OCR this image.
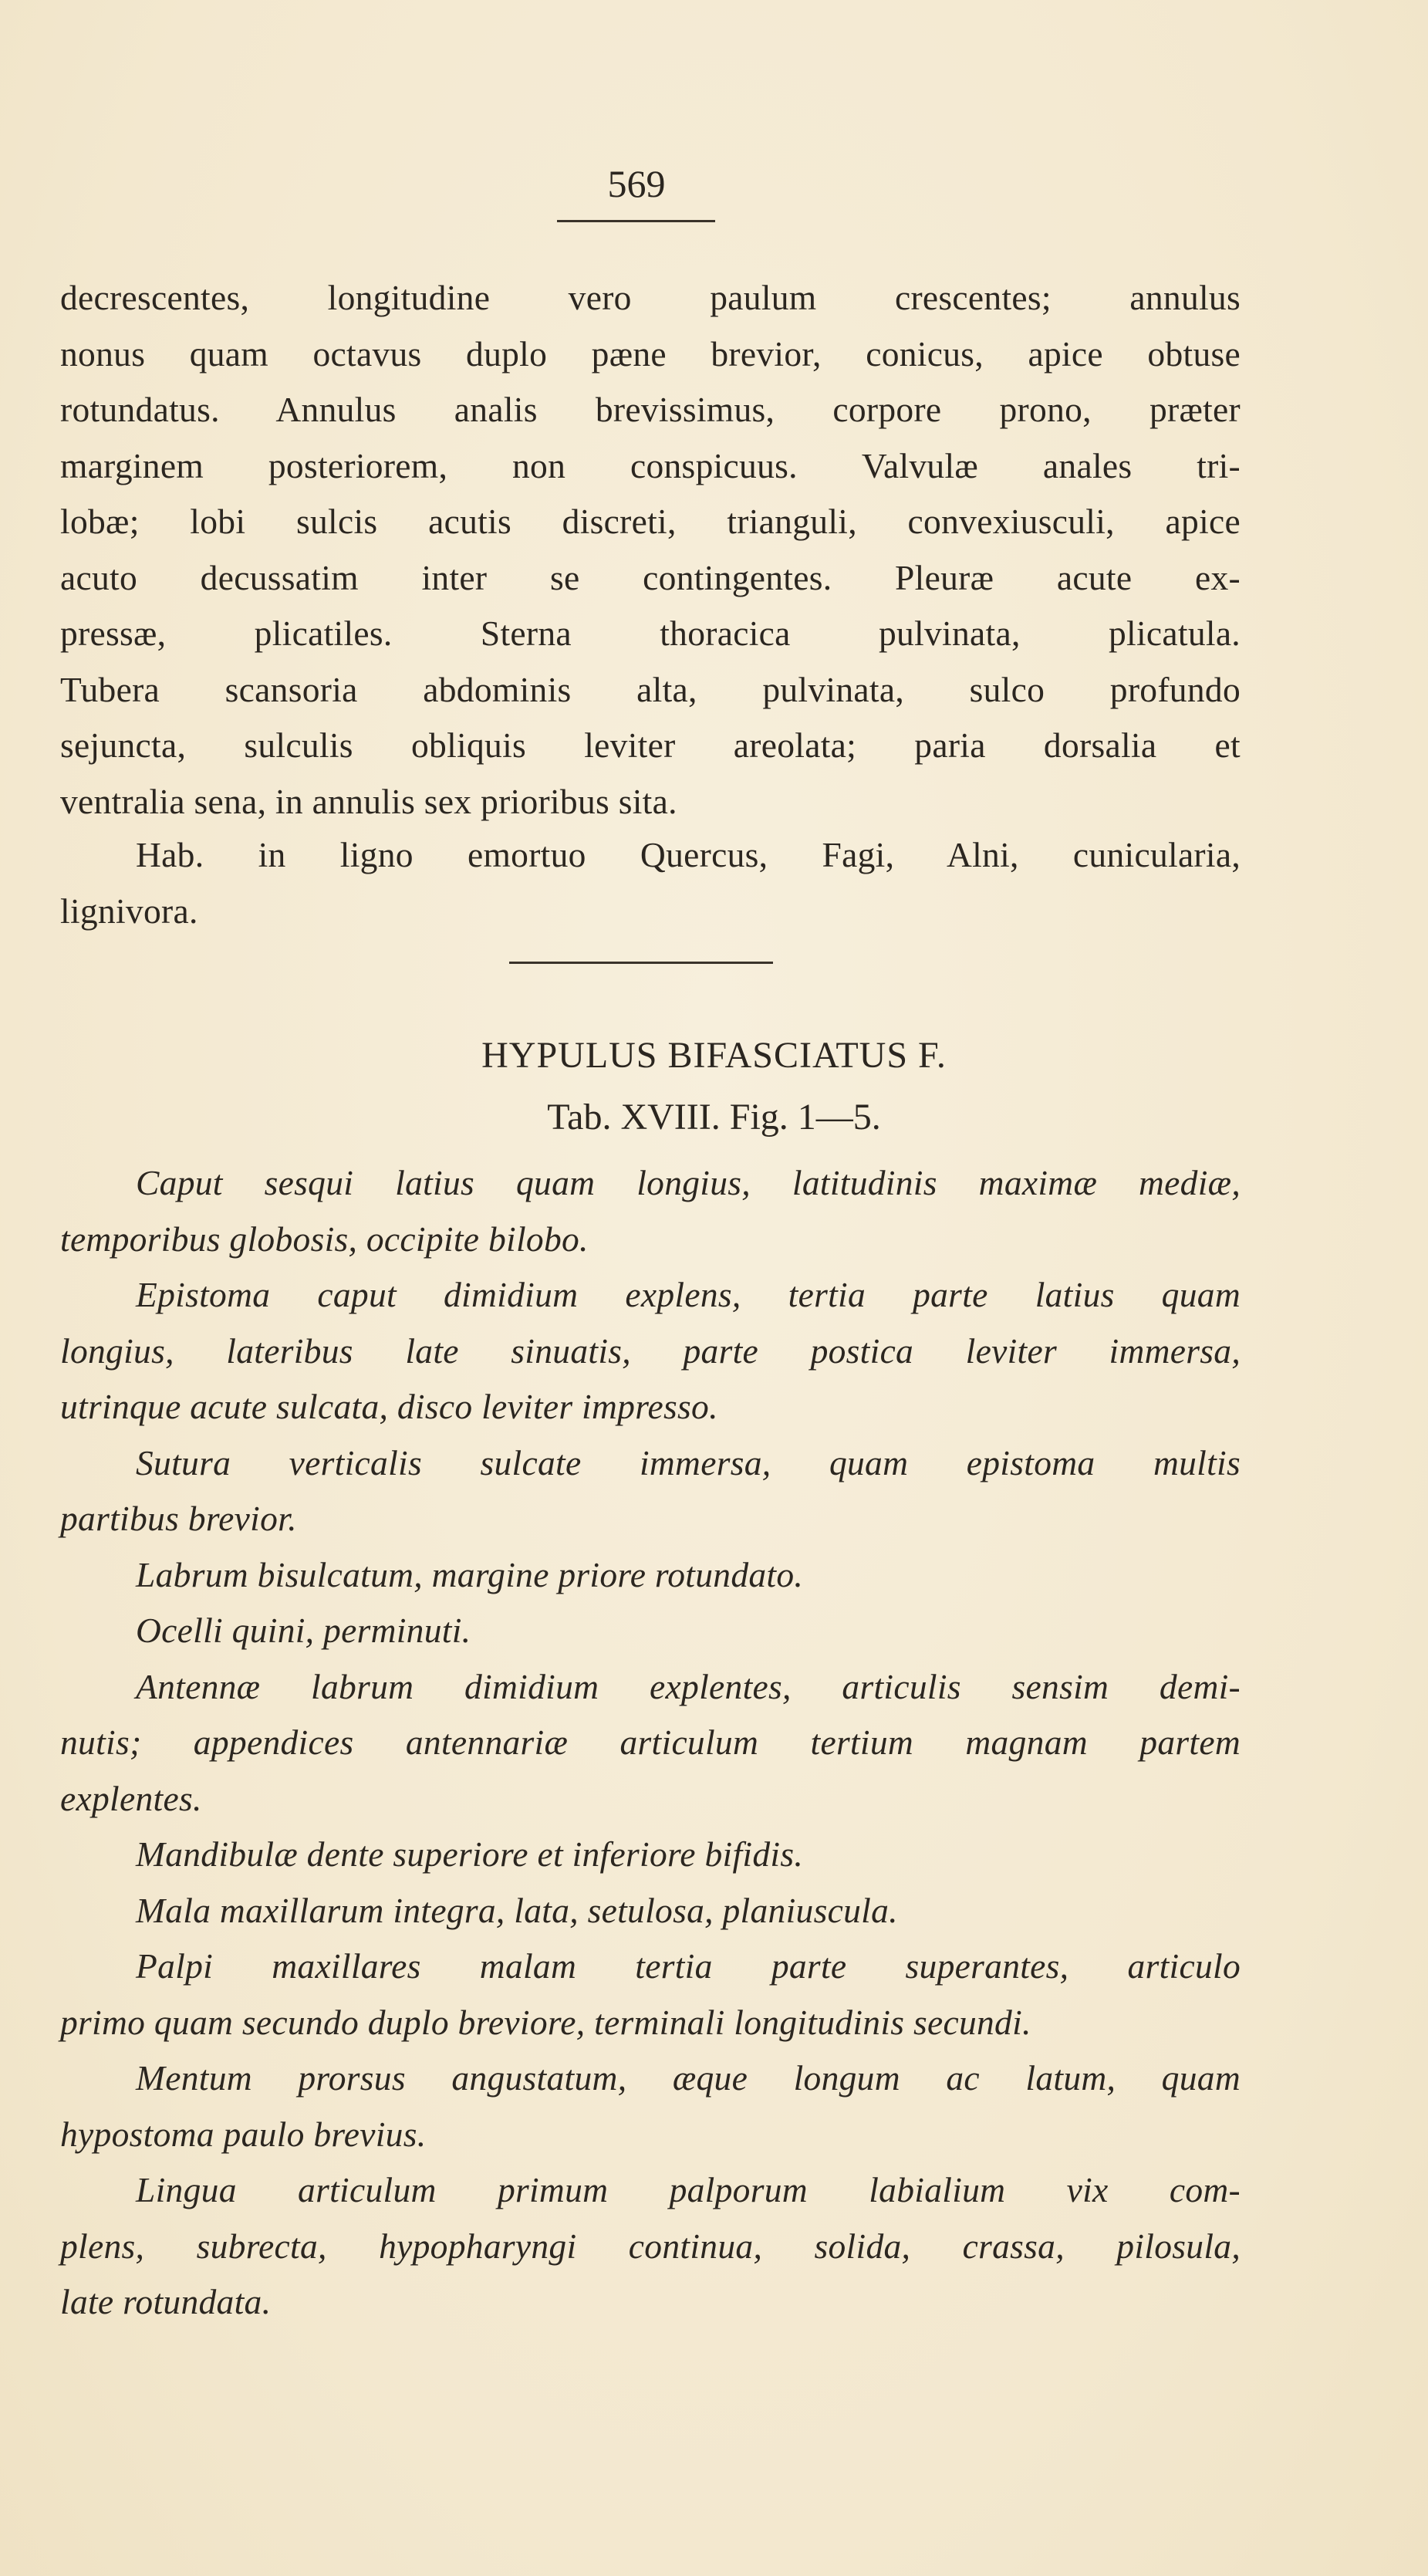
569

decrescentes, longitudine vero paulum crescentes; annulus
nonus quam octavus duplo pæne brevior, conicus, apice obtuse
rotundatus. Annulus analis brevissimus, corpore prono, præter
marginem posteriorem, non conspicuus. Valvulæ anales tri-
lobæ; lobi sulcis acutis discreti, trianguli, convexiusculi, apice
acuto decussatim inter se contingentes. Pleuræ acute ex-
pressæ, plicatiles. Sterna thoracica pulvinata, plicatula.
Tubera scansoria abdominis alta, pulvinata, sulco profundo
sejuncta, sulculis obliquis leviter areolata; paria dorsalia et
ventralia sena, in annulis sex prioribus sita.

Hab. in ligno emortuo Quercus, Fagi, Alni, cunicularia,
lignivora.

HYPULUS BIFASCIATUS F.
Tab. XVIII. Fig. 1—5.
Caput sesqui latius quam longius, latitudinis maximæ mediæ,
temporibus globosis, occipite bilobo.
Epistoma caput dimidium explens, tertia parte latius quam
longius, lateribus late sinuatis, parte postica leviter immersa,
utrinque acute sulcata, disco leviter impresso.
Sutura verticalis sulcate immersa, quam epistoma multis
partibus brevior.
Labrum bisulcatum, margine priore rotundato.
Ocelli quini, perminuti.
Antennæ labrum dimidium explentes, articulis sensim demi-
nutis; appendices antennariæ articulum tertium magnam partem
explentes.
Mandibulæ dente superiore et inferiore bifidis.
Mala maxillarum integra, lata, setulosa, planiuscula.
Palpi maxillares malam tertia parte superantes, articulo
primo quam secundo duplo breviore, terminali longitudinis secundi.
Mentum prorsus angustatum, æque longum ac latum, quam
hypostoma paulo brevius.
Lingua articulum primum palporum labialium vix com-
plens, subrecta, hypopharyngi continua, solida, crassa, pilosula,
late rotundata.
